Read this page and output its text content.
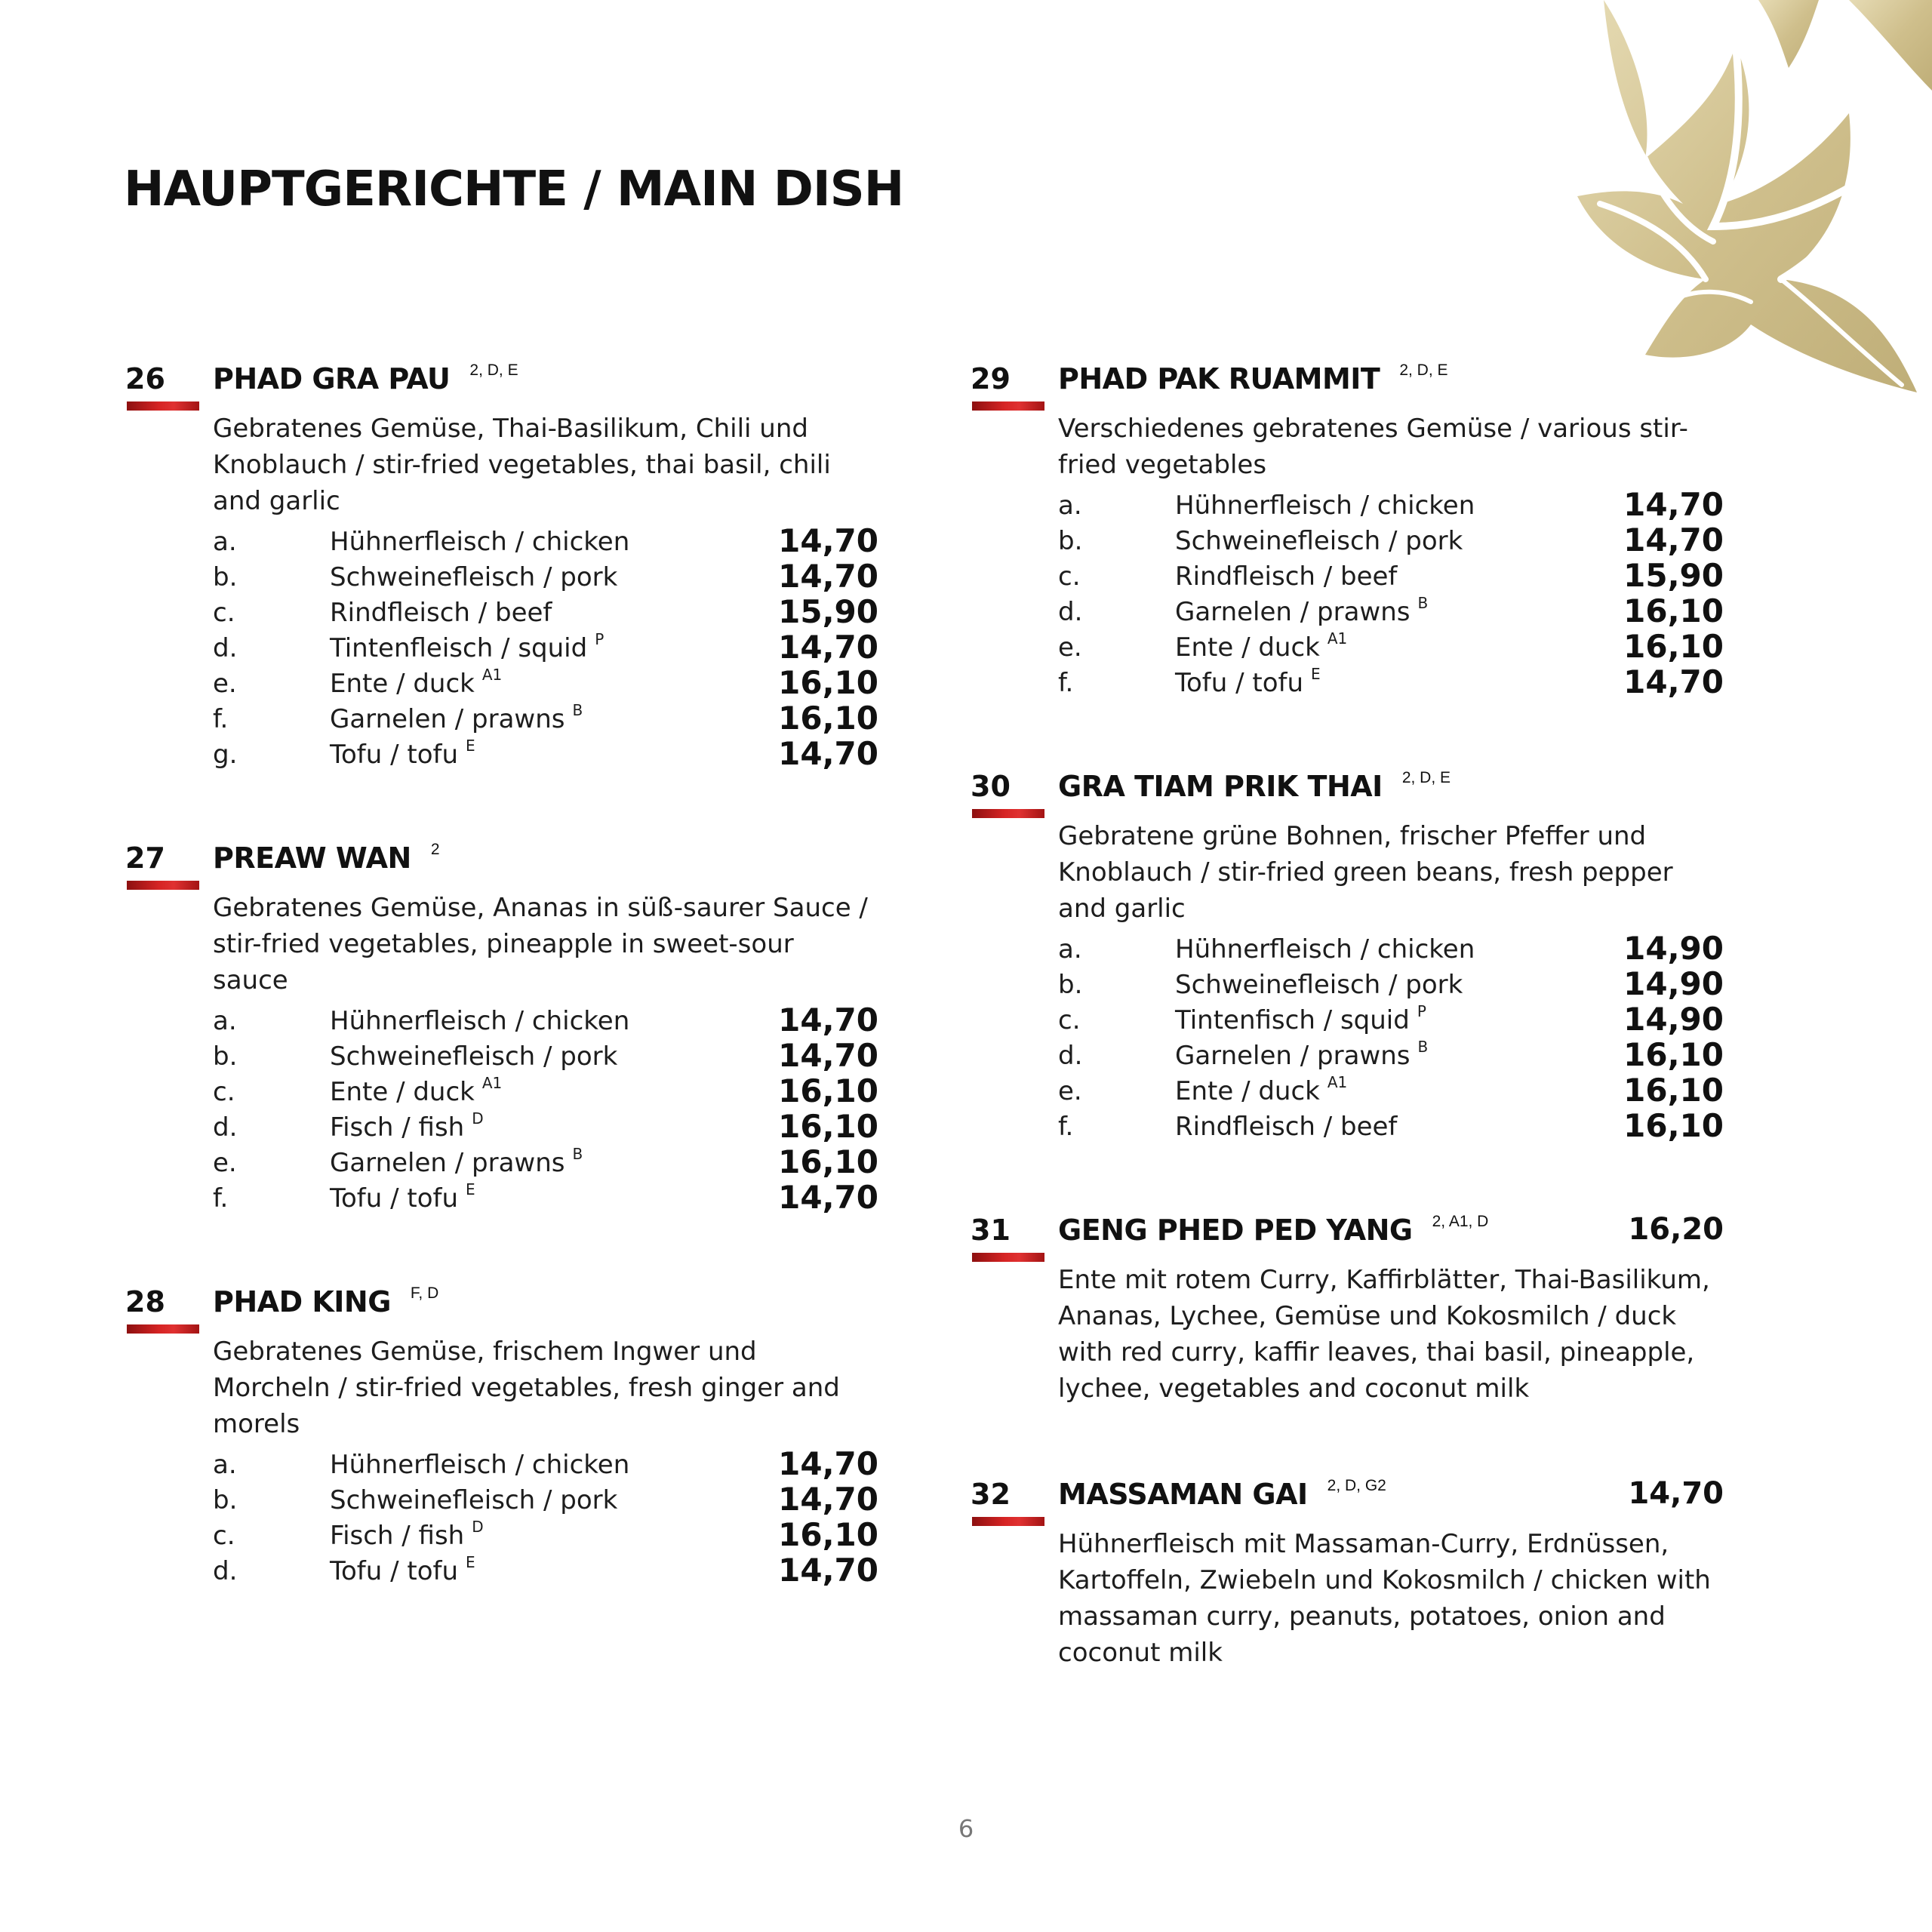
HAUPTGERICHTE / MAIN DISH
26 PHAD GRA PAU $^{2, D, E}$
Gebratenes Gemüse, Thai-Basilikum, Chili und Knoblauch / stir-fried vegetables, thai basil, chili and garlic
a.	Hühnerfleisch / chicken	14,70
b.	Schweinefleisch / pork	14,70
c.	Rindfleisch / beef	15,90
d.	Tintenfleisch / squid $^P$	14,70
e.	Ente / duck $^{A1}$	16,10
f.	Garnelen / prawns $^B$	16,10
g.	Tofu / tofu $^E$	14,70
27 PREAW WAN $^2$
Gebratenes Gemüse, Ananas in süß-saurer Sauce / stir-fried vegetables, pineapple in sweet-sour sauce
a.	Hühnerfleisch / chicken	14,70
b.	Schweinefleisch / pork	14,70
c.	Ente / duck $^{A1}$	16,10
d.	Fisch / fish $^D$	16,10
e.	Garnelen / prawns $^B$	16,10
f.	Tofu / tofu $^E$	14,70
28 PHAD KING $^{F, D}$
Gebratenes Gemüse, frischem Ingwer und Morcheln / stir-fried vegetables, fresh ginger and morels
a.	Hühnerfleisch / chicken	14,70
b.	Schweinefleisch / pork	14,70
c.	Fisch / fish $^D$	16,10
d.	Tofu / tofu $^E$	14,70
29 PHAD PAK RUAMMIT $^{2, D, E}$
Verschiedenes gebratenes Gemüse / various stir-fried vegetables
a.	Hühnerfleisch / chicken	14,70
b.	Schweinefleisch / pork	14,70
c.	Rindfleisch / beef	15,90
d.	Garnelen / prawns $^B$	16,10
e.	Ente / duck $^{A1}$	16,10
f.	Tofu / tofu $^E$	14,70
30 GRA TIAM PRIK THAI $^{2, D, E}$
Gebratene grüne Bohnen, frischer Pfeffer und Knoblauch / stir-fried green beans, fresh pepper and garlic
a.	Hühnerfleisch / chicken	14,90
b.	Schweinefleisch / pork	14,90
c.	Tintenfisch / squid $^P$	14,90
d.	Garnelen / prawns $^B$	16,10
e.	Ente / duck $^{A1}$	16,10
f.	Rindfleisch / beef	16,10
31 GENG PHED PED YANG $^{2, A1, D}$	16,20
Ente mit rotem Curry, Kaffirblätter, Thai-Basilikum, Ananas, Lychee, Gemüse und Kokosmilch / duck with red curry, kaffir leaves, thai basil, pineapple, lychee, vegetables and coconut milk
32 MASSAMAN GAI $^{2, D, G2}$	14,70
Hühnerfleisch mit Massaman-Curry, Erdnüssen, Kartoffeln, Zwiebeln und Kokosmilch / chicken with massaman curry, peanuts, potatoes, onion and coconut milk
6
